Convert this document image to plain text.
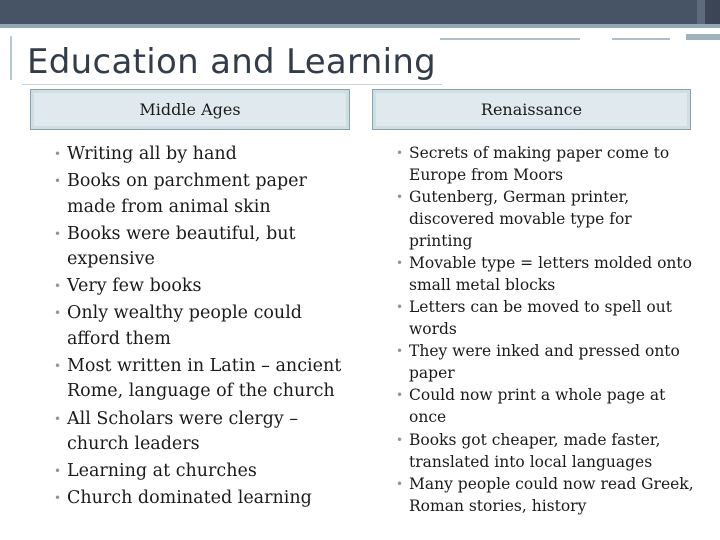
Education and Learning
Middle Ages	Renaissance
• Writing all by hand
• Books on parchment paper made from animal skin
• Books were beautiful, but expensive
• Very few books
• Only wealthy people could afford them
• Most written in Latin – ancient Rome, language of the church
• All Scholars were clergy – church leaders
• Learning at churches
• Church dominated learning
• Secrets of making paper come to Europe from Moors
• Gutenberg, German printer, discovered movable type for printing
• Movable type = letters molded onto small metal blocks
• Letters can be moved to spell out words
• They were inked and pressed onto paper
• Could now print a whole page at once
• Books got cheaper, made faster, translated into local languages
• Many people could now read Greek, Roman stories, history
